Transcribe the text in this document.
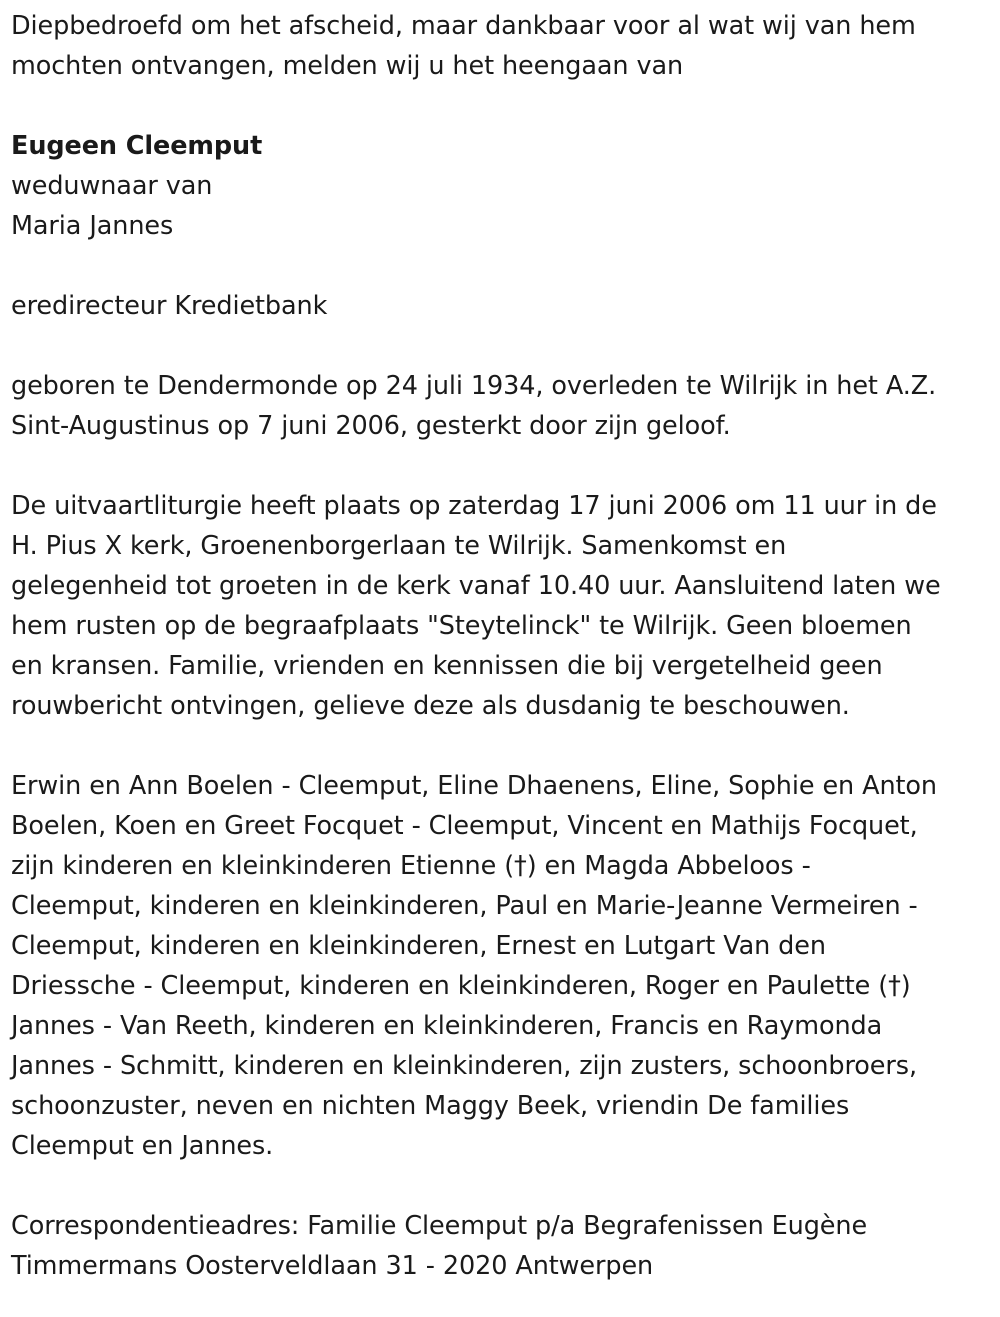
Diepbedroefd om het afscheid, maar dankbaar voor al wat wij van hem
mochten ontvangen, melden wij u het heengaan van

Eugeen Cleemput

weduwnaar van

Maria Jannes

eredirecteur Kredietbank

geboren te Dendermonde op 24 juli 1934, overleden te Wilrijk in het A.Z.
Sint-Augustinus op 7 juni 2006, gesterkt door zijn geloof.

De uitvaartliturgie heeft plaats op zaterdag 17 juni 2006 om 11 uur in de
H. Pius X kerk, Groenenborgerlaan te Wilrijk. Samenkomst en
gelegenheid tot groeten in de kerk vanaf 10.40 uur. Aansluitend laten we
hem rusten op de begraafplaats "Steytelinck" te Wilrijk. Geen bloemen
en kransen. Familie, vrienden en kennissen die bij vergetelheid geen
rouwbericht ontvingen, gelieve deze als dusdanig te beschouwen.

Erwin en Ann Boelen - Cleemput, Eline Dhaenens, Eline, Sophie en Anton
Boelen, Koen en Greet Focquet - Cleemput, Vincent en Mathijs Focquet,
zijn kinderen en kleinkinderen Etienne (†) en Magda Abbeloos -
Cleemput, kinderen en kleinkinderen, Paul en Marie-Jeanne Vermeiren -
Cleemput, kinderen en kleinkinderen, Ernest en Lutgart Van den
Driessche - Cleemput, kinderen en kleinkinderen, Roger en Paulette (†)
Jannes - Van Reeth, kinderen en kleinkinderen, Francis en Raymonda
Jannes - Schmitt, kinderen en kleinkinderen, zijn zusters, schoonbroers,
schoonzuster, neven en nichten Maggy Beek, vriendin De families
Cleemput en Jannes.

Correspondentieadres: Familie Cleemput p/a Begrafenissen Eugène
Timmermans Oosterveldlaan 31 - 2020 Antwerpen
